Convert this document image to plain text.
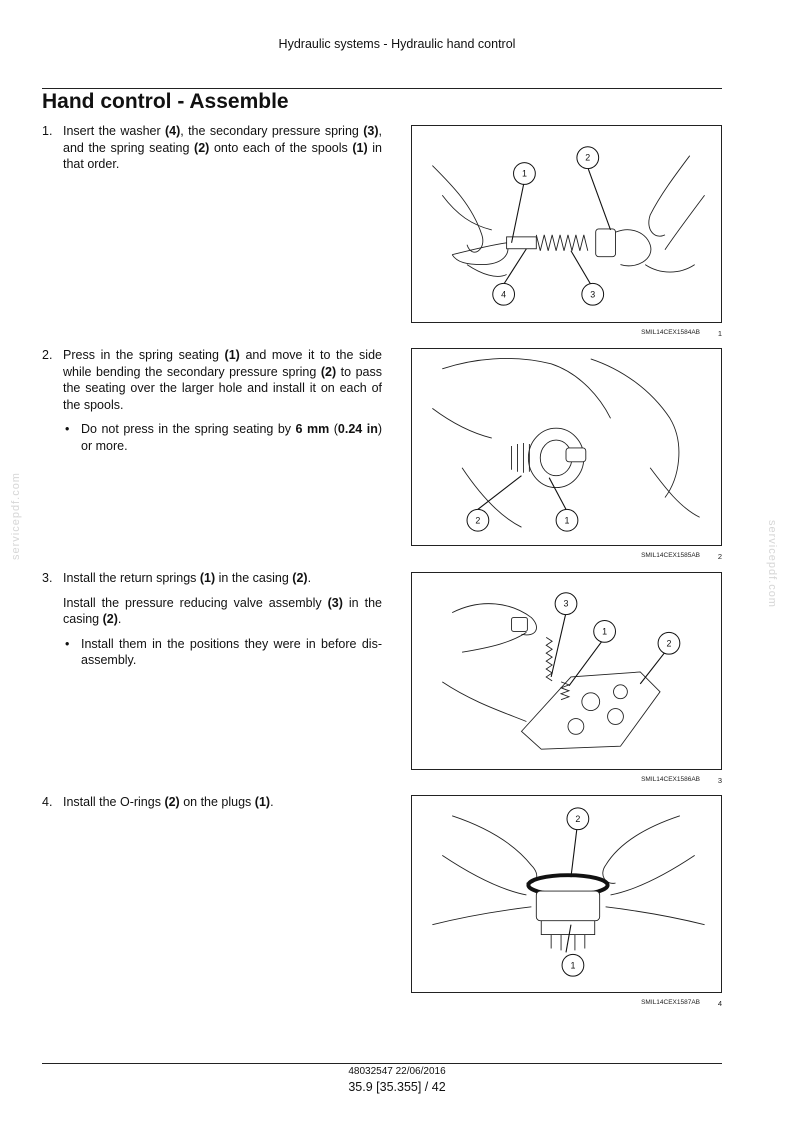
Hydraulic systems - Hydraulic hand control
Hand control - Assemble
servicepdf.com
servicepdf.com
1. Insert the washer (4), the secondary pressure spring (3), and the spring seating (2) onto each of the spools (1) in that order.

2. Press in the spring seating (1) and move it to the side while bending the secondary pressure spring (2) to pass the seating over the larger hole and install it on each of the spools.

• Do not press in the spring seating by 6 mm (0.24 in) or more.
3. Install the return springs (1) in the casing (2).

Install the pressure reducing valve assembly (3) in the casing (2).

• Install them in the positions they were in before dis-assembly.
4. Install the O-rings (2) on the plugs (1).

1
2
4	3
SMIL14CEX1584AB 1
2	1
SMIL14CEX1585AB 2
3
1
2
SMIL14CEX1586AB 3
2
1
SMIL14CEX1587AB 4
48032547 22/06/2016
35.9 [35.355] / 42
